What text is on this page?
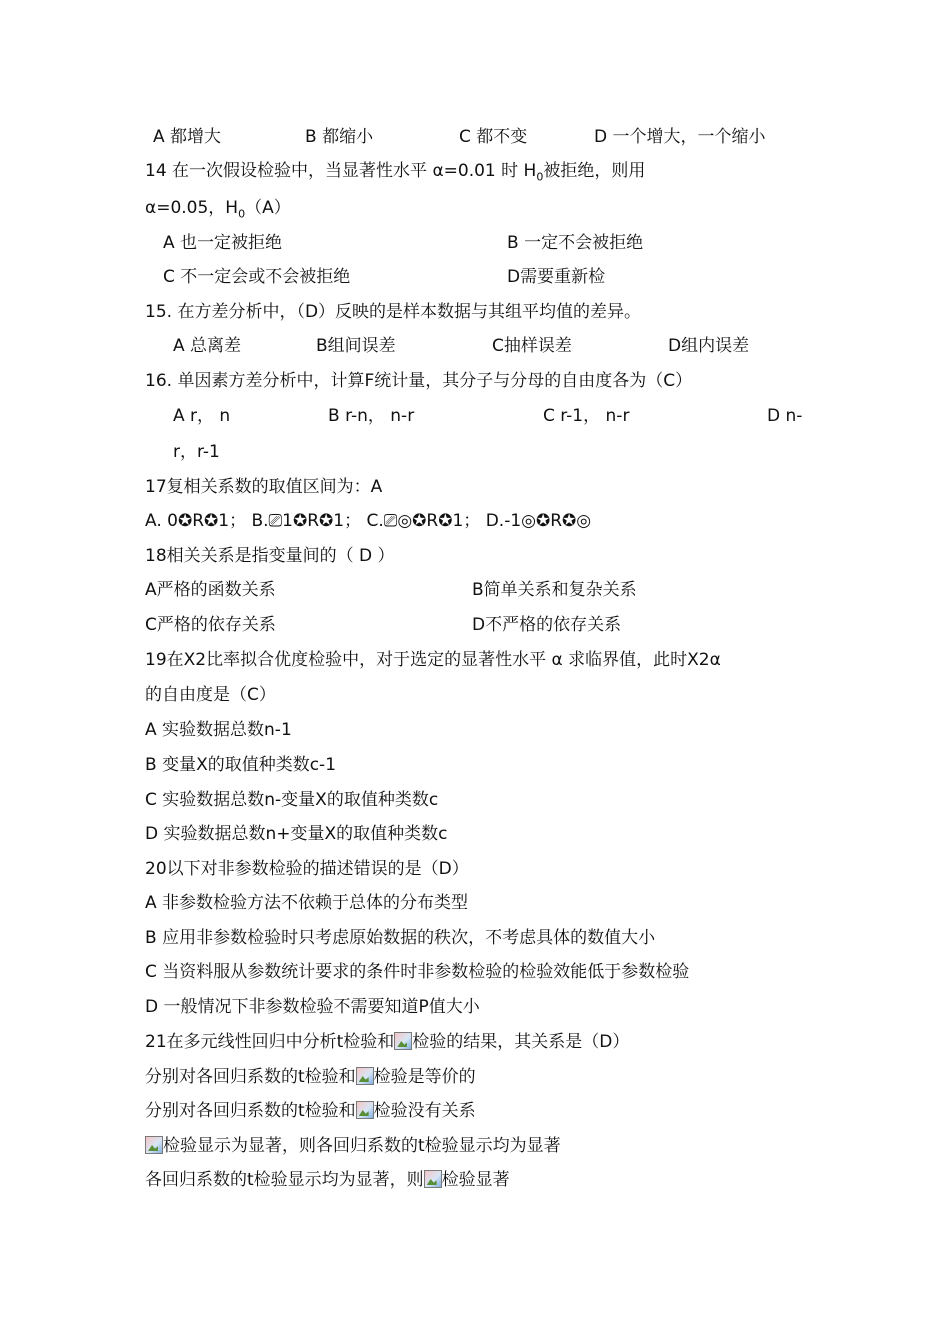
A 都增大	B 都缩小	C 都不变	D 一个增大，一个缩小
14 在一次假设检验中，当显著性水平 α=0.01 时 $H_0$被拒绝，则用
α=0.05，$H_0(A)$
A 也一定被拒绝	B 一定不会被拒绝
C 不一定会或不会被拒绝	D需要重新检
15. 在方差分析中，（D）反映的是样本数据与其组平均值的差异。
A 总离差	B组间误差	C抽样误差	D组内误差
16. 单因素方差分析中，计算F统计量，其分子与分母的自由度各为（C）
A r， n	B r-n， n-r	C r-1， n-r	D n-
r，r-1
17复相关系数的取值区间为：A
A. 0✪R✪1； B.⎚1✪R✪1； C.⎚◎✪R✪1； D.-1◎✪R✪◎
18相关关系是指变量间的（ D ）
A严格的函数关系	B简单关系和复杂关系
C严格的依存关系	D不严格的依存关系
19在X2比率拟合优度检验中，对于选定的显著性水平 α 求临界值，此时X2α
的自由度是（C）
A 实验数据总数n-1
B 变量X的取值种类数c-1
C 实验数据总数n-变量X的取值种类数c
D 实验数据总数n+变量X的取值种类数c
20以下对非参数检验的描述错误的是（D）
A 非参数检验方法不依赖于总体的分布类型
B 应用非参数检验时只考虑原始数据的秩次，不考虑具体的数值大小
C 当资料服从参数统计要求的条件时非参数检验的检验效能低于参数检验
D 一般情况下非参数检验不需要知道P值大小
21在多元线性回归中分析t检验和 检验的结果，其关系是（D）
分别对各回归系数的t检验和 检验是等价的
分别对各回归系数的t检验和 检验没有关系
检验显示为显著，则各回归系数的t检验显示均为显著
各回归系数的t检验显示均为显著，则 检验显著
